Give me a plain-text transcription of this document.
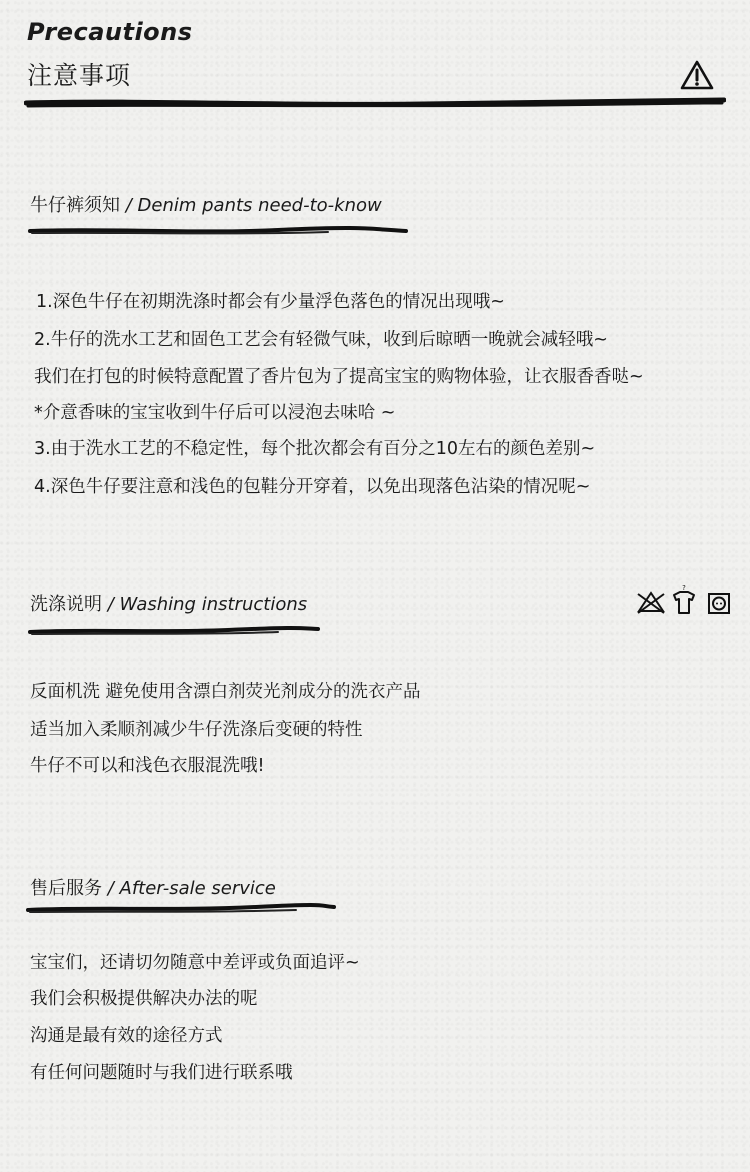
Precautions
注意事项
牛仔裤须知 / Denim pants need-to-know
1.深色牛仔在初期洗涤时都会有少量浮色落色的情况出现哦~
2.牛仔的洗水工艺和固色工艺会有轻微气味，收到后晾晒一晚就会减轻哦~
我们在打包的时候特意配置了香片包为了提高宝宝的购物体验，让衣服香香哒~
*介意香味的宝宝收到牛仔后可以浸泡去味哈 ~
3.由于洗水工艺的不稳定性，每个批次都会有百分之10左右的颜色差别~
4.深色牛仔要注意和浅色的包鞋分开穿着，以免出现落色沾染的情况呢~
洗涤说明 / Washing instructions
?
反面机洗 避免使用含漂白剂荧光剂成分的洗衣产品
适当加入柔顺剂减少牛仔洗涤后变硬的特性
牛仔不可以和浅色衣服混洗哦!
售后服务 / After-sale service
宝宝们，还请切勿随意中差评或负面追评~
我们会积极提供解决办法的呢
沟通是最有效的途径方式
有任何问题随时与我们进行联系哦
